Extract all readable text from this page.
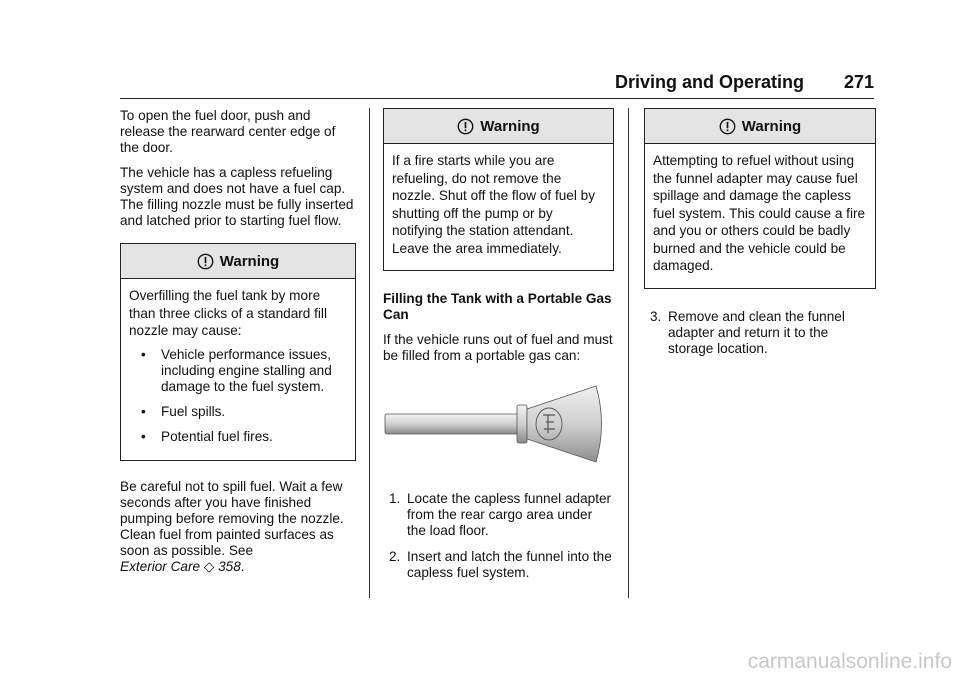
Driving and Operating 271

To open the fuel door, push and release the rearward center edge of the door.

The vehicle has a capless refueling system and does not have a fuel cap. The filling nozzle must be fully inserted and latched prior to starting fuel flow.

Warning

Overfilling the fuel tank by more than three clicks of a standard fill nozzle may cause:

• Vehicle performance issues, including engine stalling and damage to the fuel system.
• Fuel spills.
• Potential fuel fires.

Be careful not to spill fuel. Wait a few seconds after you have finished pumping before removing the nozzle. Clean fuel from painted surfaces as soon as possible. See
Exterior Care ◇ 358.

Warning

If a fire starts while you are refueling, do not remove the nozzle. Shut off the flow of fuel by shutting off the pump or by notifying the station attendant. Leave the area immediately.

Filling the Tank with a Portable Gas Can

If the vehicle runs out of fuel and must be filled from a portable gas can:

1. Locate the capless funnel adapter from the rear cargo area under the load floor.
2. Insert and latch the funnel into the capless fuel system.
Warning

Attempting to refuel without using the funnel adapter may cause fuel spillage and damage the capless fuel system. This could cause a fire and you or others could be badly burned and the vehicle could be damaged.

3. Remove and clean the funnel adapter and return it to the storage location.
carmanualsonline.info
